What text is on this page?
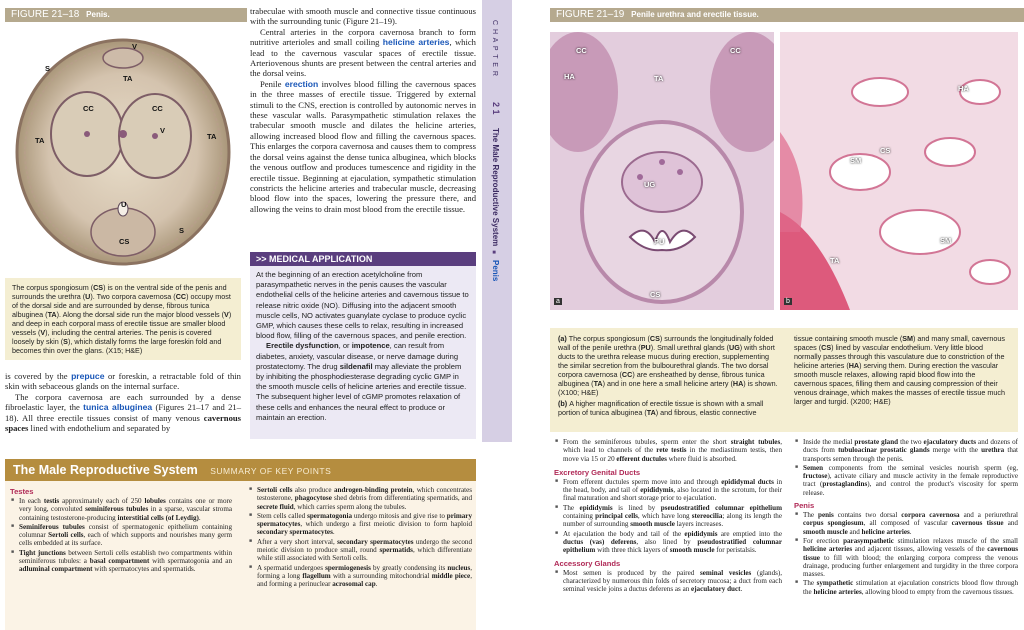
FIGURE 21–18 Penis.
V
S
TA
CC	CC
V
TA
TA
U
S
CS
The corpus spongiosum (CS) is on the ventral side of the penis and surrounds the urethra (U). Two corpora cavernosa (CC) occupy most of the dorsal side and are surrounded by dense, fibrous tunica albuginea (TA). Along the dorsal side run the major blood vessels (V) and deep in each corporal mass of erectile tissue are smaller blood vessels (V), including the central arteries. The penis is covered loosely by skin (S), which distally forms the large foreskin fold and becomes thin over the glans. (X15; H&E)

is covered by the prepuce or foreskin, a retractable fold of thin skin with sebaceous glands on the internal surface.

The corpora cavernosa are each surrounded by a dense fibroelastic layer, the tunica albuginea (Figures 21–17 and 21–18). All three erectile tissues consist of many venous cavernous spaces lined with endothelium and separated by

trabeculae with smooth muscle and connective tissue continuous with the surrounding tunic (Figure 21–19).

Central arteries in the corpora cavernosa branch to form nutritive arterioles and small coiling helicine arteries, which lead to the cavernous vascular spaces of erectile tissue. Arteriovenous shunts are present between the central arteries and the dorsal veins.

Penile erection involves blood filling the cavernous spaces in the three masses of erectile tissue. Triggered by external stimuli to the CNS, erection is controlled by autonomic nerves in these vascular walls. Parasympathetic stimulation relaxes the trabecular smooth muscle and dilates the helicine arteries, allowing increased blood flow and filling the cavernous spaces. This enlarges the corpora cavernosa and causes them to compress the dorsal veins against the dense tunica albuginea, which blocks the venous outflow and produces tumescence and rigidity in the erectile tissue. Beginning at ejaculation, sympathetic stimulation constricts the helicine arteries and trabecular muscle, decreasing blood flow into the spaces, lowering the pressure there, and allowing the veins to drain most blood from the erectile tissue.

>> MEDICAL APPLICATION

At the beginning of an erection acetylcholine from parasympathetic nerves in the penis causes the vascular endothelial cells of the helicine arteries and cavernous tissue to release nitric oxide (NO). Diffusing into the adjacent smooth muscle cells, NO activates guanylate cyclase to produce cyclic GMP, which causes these cells to relax, resulting in increased blood flow, filling of the cavernous spaces, and penile erection.

Erectile dysfunction, or impotence, can result from diabetes, anxiety, vascular disease, or nerve damage during prostatectomy. The drug sildenafil may alleviate the problem by inhibiting the phosphodiesterase degrading cyclic GMP in the smooth muscle cells of helicine arteries and erectile tissue. The subsequent higher level of cGMP promotes relaxation of these cells and enhances the neural effect to produce or maintain an erection.

C H A P T E R
2 1
The Male Reproductive System
■
Penis
FIGURE 21–19 Penile urethra and erectile tissue.
CC	CC
HA	TA
UG
PU
CS
a
HA
SM
CS
SM
TA
b
(a) The corpus spongiosum (CS) surrounds the longitudinally folded wall of the penile urethra (PU). Small urethral glands (UG) with short ducts to the urethra release mucus during erection, supplementing the similar secretion from the bulbourethral glands. The two dorsal corpora cavernosa (CC) are ensheathed by dense, fibrous tunica albuginea (TA) and in one here a small helicine artery (HA) is shown. (X100; H&E)
(b) A higher magnification of erectile tissue is shown with a small portion of tunica albuginea (TA) and fibrous, elastic connective
tissue containing smooth muscle (SM) and many small, cavernous spaces (CS) lined by vascular endothelium. Very little blood normally passes through this vasculature due to constriction of the helicine arteries (HA) serving them. During erection the vascular smooth muscle relaxes, allowing rapid blood flow into the cavernous spaces, filling them and causing compression of their venous drainage, which makes the masses of erectile tissue much larger and turgid. (X200; H&E)
The Male Reproductive System SUMMARY OF KEY POINTS
Testes
■ In each testis approximately each of 250 lobules contains one or more very long, convoluted seminiferous tubules in a sparse, vascular stroma containing testosterone-producing interstitial cells (of Leydig).
■ Seminiferous tubules consist of spermatogenic epithelium containing columnar Sertoli cells, each of which supports and nourishes many germ cells embedded at its surface.
■ Tight junctions between Sertoli cells establish two compartments within seminiferous tubules: a basal compartment with spermatogonia and an adluminal compartment with spermatocytes and spermatids.
■ Sertoli cells also produce androgen-binding protein, which concentrates testosterone, phagocytose shed debris from differentiating spermatids, and secrete fluid, which carries sperm along the tubules.
■ Stem cells called spermatogonia undergo mitosis and give rise to primary spermatocytes, which undergo a first meiotic division to form haploid secondary spermatocytes.
■ After a very short interval, secondary spermatocytes undergo the second meiotic division to produce small, round spermatids, which differentiate while still associated with Sertoli cells.
■ A spermatid undergoes spermiogenesis by greatly condensing its nucleus, forming a long flagellum with a surrounding mitochondrial middle piece, and forming a perinuclear acrosomal cap.
■ From the seminiferous tubules, sperm enter the short straight tubules, which lead to channels of the rete testis in the mediastinum testis, then move via 15 or 20 efferent ductules where fluid is absorbed.
Excretory Genital Ducts
■ From efferent ductules sperm move into and through epididymal ducts in the head, body, and tail of epididymis, also located in the scrotum, for their final maturation and short storage prior to ejaculation.
■ The epididymis is lined by pseudostratified columnar epithelium containing principal cells, which have long stereocilia; along its length the number of surrounding smooth muscle layers increases.
■ At ejaculation the body and tail of the epididymis are emptied into the ductus (vas) deferens, also lined by pseudostratified columnar epithelium with three thick layers of smooth muscle for peristalsis.
Accessory Glands
■ Most semen is produced by the paired seminal vesicles (glands), characterized by numerous thin folds of secretory mucosa; a duct from each seminal vesicle joins a ductus deferens as an ejaculatory duct.
■ Inside the medial prostate gland the two ejaculatory ducts and dozens of ducts from tubuloacinar prostatic glands merge with the urethra that transports semen through the penis.
■ Semen components from the seminal vesicles nourish sperm (eg, fructose), activate ciliary and muscle activity in the female reproductive tract (prostaglandins), and control the product's viscosity for sperm release.
Penis
■ The penis contains two dorsal corpora cavernosa and a periurethral corpus spongiosum, all composed of vascular cavernous tissue and smooth muscle and helicine arteries.
■ For erection parasympathetic stimulation relaxes muscle of the small helicine arteries and adjacent tissues, allowing vessels of the cavernous tissue to fill with blood; the enlarging corpora compress the venous drainage, producing further enlargement and turgidity in the three corpora masses.
■ The sympathetic stimulation at ejaculation constricts blood flow through the helicine arteries, allowing blood to empty from the cavernous tissues.
